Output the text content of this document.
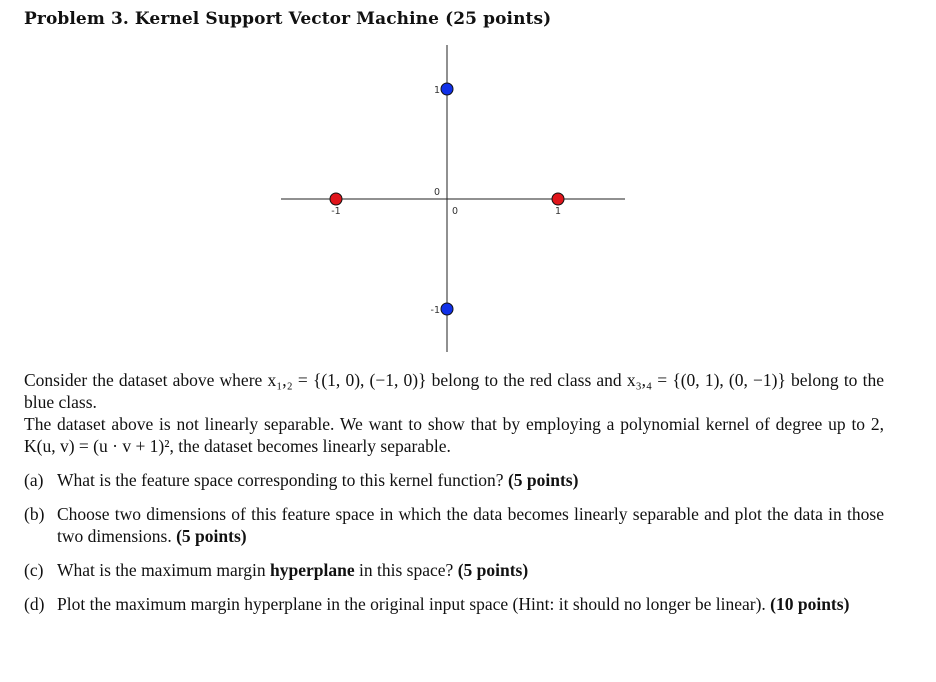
Problem 3. Kernel Support Vector Machine (25 points)
-1	0	1
1
0
-1
Consider the dataset above where x₁,₂ = {(1, 0), (−1, 0)} belong to the red class and x₃,₄ = {(0, 1), (0, −1)} belong to the blue class.
The dataset above is not linearly separable. We want to show that by employing a polynomial kernel of degree up to 2, K(u, v) = (u · v + 1)², the dataset becomes linearly separable.
(a) What is the feature space corresponding to this kernel function? (5 points)
(b) Choose two dimensions of this feature space in which the data becomes linearly separable and plot the data in those two dimensions. (5 points)
(c) What is the maximum margin hyperplane in this space? (5 points)
(d) Plot the maximum margin hyperplane in the original input space (Hint: it should no longer be linear). (10 points)
